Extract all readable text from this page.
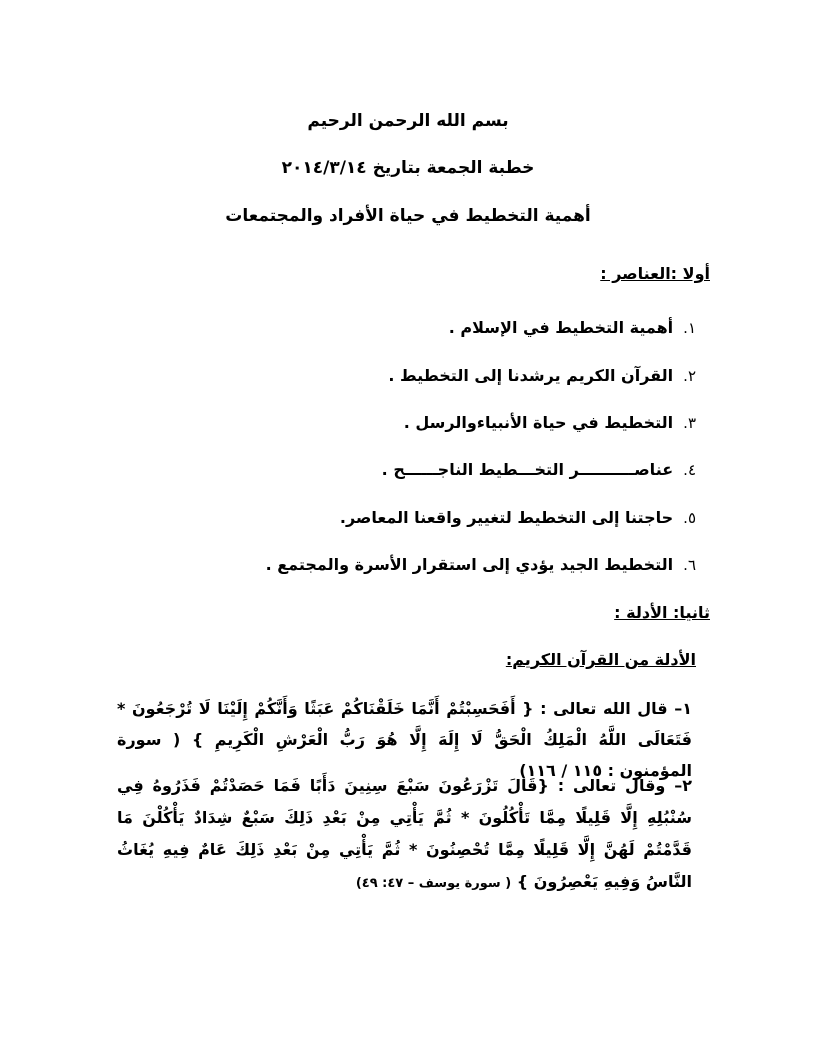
بسم الله الرحمن الرحيم
خطبة الجمعة بتاريخ ٢٠١٤/٣/١٤
أهمية التخطيط في حياة الأفراد والمجتمعات
أولا :العناصر :
١.
أهمية التخطيط في الإسلام .
٢.
القرآن الكريم يرشدنا إلى التخطيط .
٣.
التخطيط في حياة الأنبياءوالرسل .
٤.
عناصــــــــــر التخـــطيط الناجــــــح .
٥.
حاجتنا إلى التخطيط لتغيير واقعنا المعاصر.
٦.
التخطيط الجيد يؤدي إلى استقرار الأسرة والمجتمع .
ثانيا: الأدلة :
الأدلة من القرآن الكريم:
١– قال الله تعالى : { أَفَحَسِبْتُمْ أَنَّمَا خَلَقْنَاكُمْ عَبَثًا وَأَنَّكُمْ إِلَيْنَا لَا تُرْجَعُونَ * فَتَعَالَى اللَّهُ الْمَلِكُ الْحَقُّ لَا إِلَهَ إِلَّا هُوَ رَبُّ الْعَرْشِ الْكَرِيمِ } ( سورة المؤمنون : ١١٥ / ١١٦)
٢– وقال تعالى : {قَالَ تَزْرَعُونَ سَبْعَ سِنِينَ دَأَبًا فَمَا حَصَدْتُمْ فَذَرُوهُ فِي سُنْبُلِهِ إِلَّا قَلِيلًا مِمَّا تَأْكُلُونَ * ثُمَّ يَأْتِي مِنْ بَعْدِ ذَلِكَ سَبْعٌ شِدَادٌ يَأْكُلْنَ مَا قَدَّمْتُمْ لَهُنَّ إِلَّا قَلِيلًا مِمَّا تُحْصِنُونَ * ثُمَّ يَأْتِي مِنْ بَعْدِ ذَلِكَ عَامٌ فِيهِ يُغَاثُ النَّاسُ وَفِيهِ يَعْصِرُونَ } ( سورة يوسف – ٤٧: ٤٩)
